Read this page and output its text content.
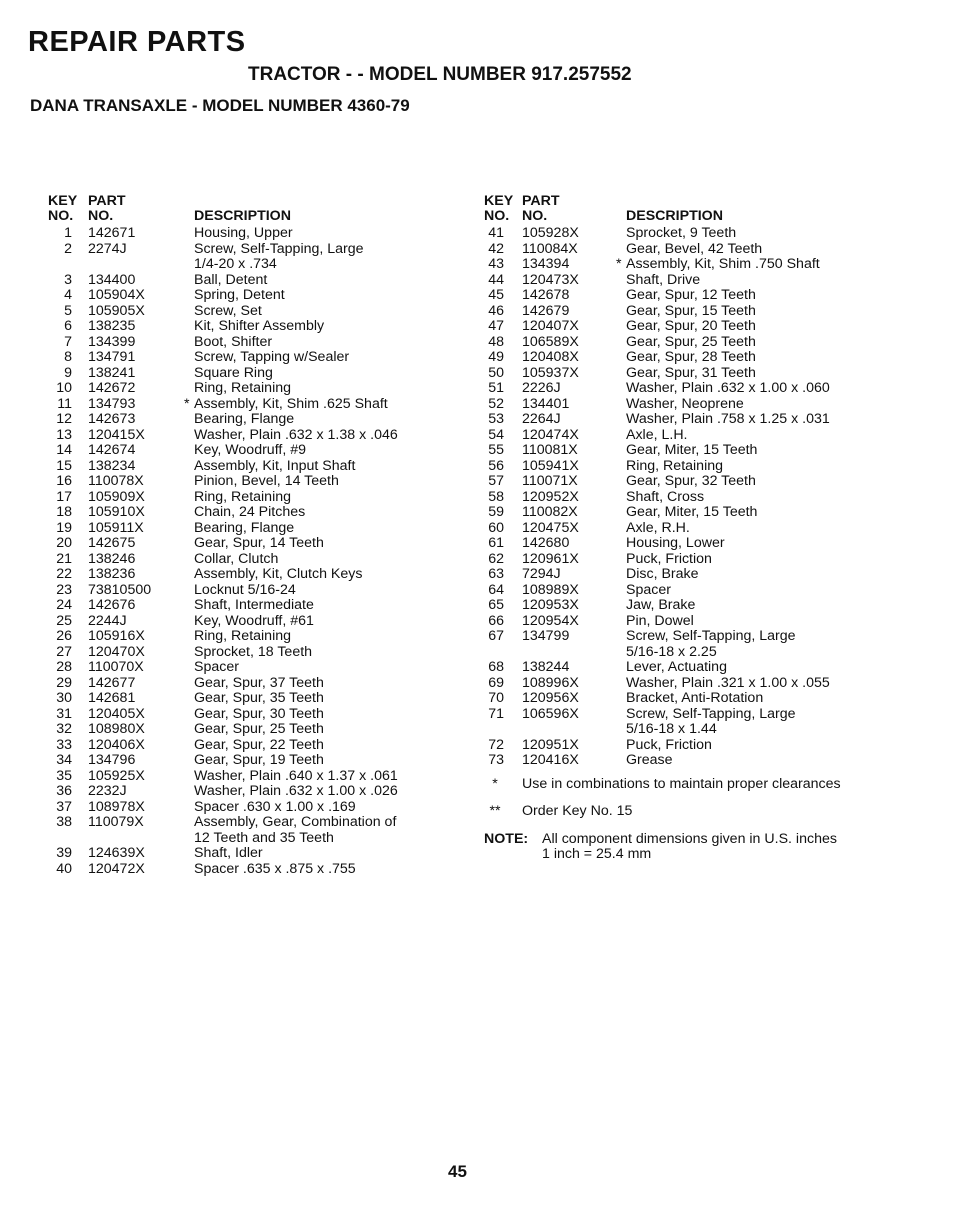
REPAIR PARTS
TRACTOR - - MODEL NUMBER 917.257552
DANA TRANSAXLE - MODEL NUMBER 4360-79
KEY PART
NO. NO.	DESCRIPTION
1 142671	Housing, Upper
2 2274J	Screw, Self-Tapping, Large
1/4-20 x .734
3 134400	Ball, Detent
4 105904X	Spring, Detent
5 105905X	Screw, Set
6 138235	Kit, Shifter Assembly
7 134399	Boot, Shifter
8 134791	Screw, Tapping w/Sealer
9 138241	Square Ring
10 142672	Ring, Retaining
11 134793	* Assembly, Kit, Shim .625 Shaft
12 142673	Bearing, Flange
13 120415X	Washer, Plain .632 x 1.38 x .046
14 142674	Key, Woodruff, #9
15 138234	Assembly, Kit, Input Shaft
16 110078X	Pinion, Bevel, 14 Teeth
17 105909X	Ring, Retaining
18 105910X	Chain, 24 Pitches
19 105911X	Bearing, Flange
20 142675	Gear, Spur, 14 Teeth
21 138246	Collar, Clutch
22 138236	Assembly, Kit, Clutch Keys
23 73810500	Locknut 5/16-24
24 142676	Shaft, Intermediate
25 2244J	Key, Woodruff, #61
26 105916X	Ring, Retaining
27 120470X	Sprocket, 18 Teeth
28 110070X	Spacer
29 142677	Gear, Spur, 37 Teeth
30 142681	Gear, Spur, 35 Teeth
31 120405X	Gear, Spur, 30 Teeth
32 108980X	Gear, Spur, 25 Teeth
33 120406X	Gear, Spur, 22 Teeth
34 134796	Gear, Spur, 19 Teeth
35 105925X	Washer, Plain .640 x 1.37 x .061
36 2232J	Washer, Plain .632 x 1.00 x .026
37 108978X	Spacer .630 x 1.00 x .169
38 110079X	Assembly, Gear, Combination of
12 Teeth and 35 Teeth
39 124639X	Shaft, Idler
40 120472X	Spacer .635 x .875 x .755
KEY PART
NO. NO.	DESCRIPTION
41 105928X	Sprocket, 9 Teeth
42 110084X	Gear, Bevel, 42 Teeth
43 134394	* Assembly, Kit, Shim .750 Shaft
44 120473X	Shaft, Drive
45 142678	Gear, Spur, 12 Teeth
46 142679	Gear, Spur, 15 Teeth
47 120407X	Gear, Spur, 20 Teeth
48 106589X	Gear, Spur, 25 Teeth
49 120408X	Gear, Spur, 28 Teeth
50 105937X	Gear, Spur, 31 Teeth
51 2226J	Washer, Plain .632 x 1.00 x .060
52 134401	Washer, Neoprene
53 2264J	Washer, Plain .758 x 1.25 x .031
54 120474X	Axle, L.H.
55 110081X	Gear, Miter, 15 Teeth
56 105941X	Ring, Retaining
57 110071X	Gear, Spur, 32 Teeth
58 120952X	Shaft, Cross
59 110082X	Gear, Miter, 15 Teeth
60 120475X	Axle, R.H.
61 142680	Housing, Lower
62 120961X	Puck, Friction
63 7294J	Disc, Brake
64 108989X	Spacer
65 120953X	Jaw, Brake
66 120954X	Pin, Dowel
67 134799	Screw, Self-Tapping, Large
5/16-18 x 2.25
68 138244	Lever, Actuating
69 108996X	Washer, Plain .321 x 1.00 x .055
70 120956X	Bracket, Anti-Rotation
71 106596X	Screw, Self-Tapping, Large
5/16-18 x 1.44
72 120951X	Puck, Friction
73 120416X	Grease
* Use in combinations to maintain proper clearances
** Order Key No. 15
NOTE: All component dimensions given in U.S. inches
1 inch = 25.4 mm
45
